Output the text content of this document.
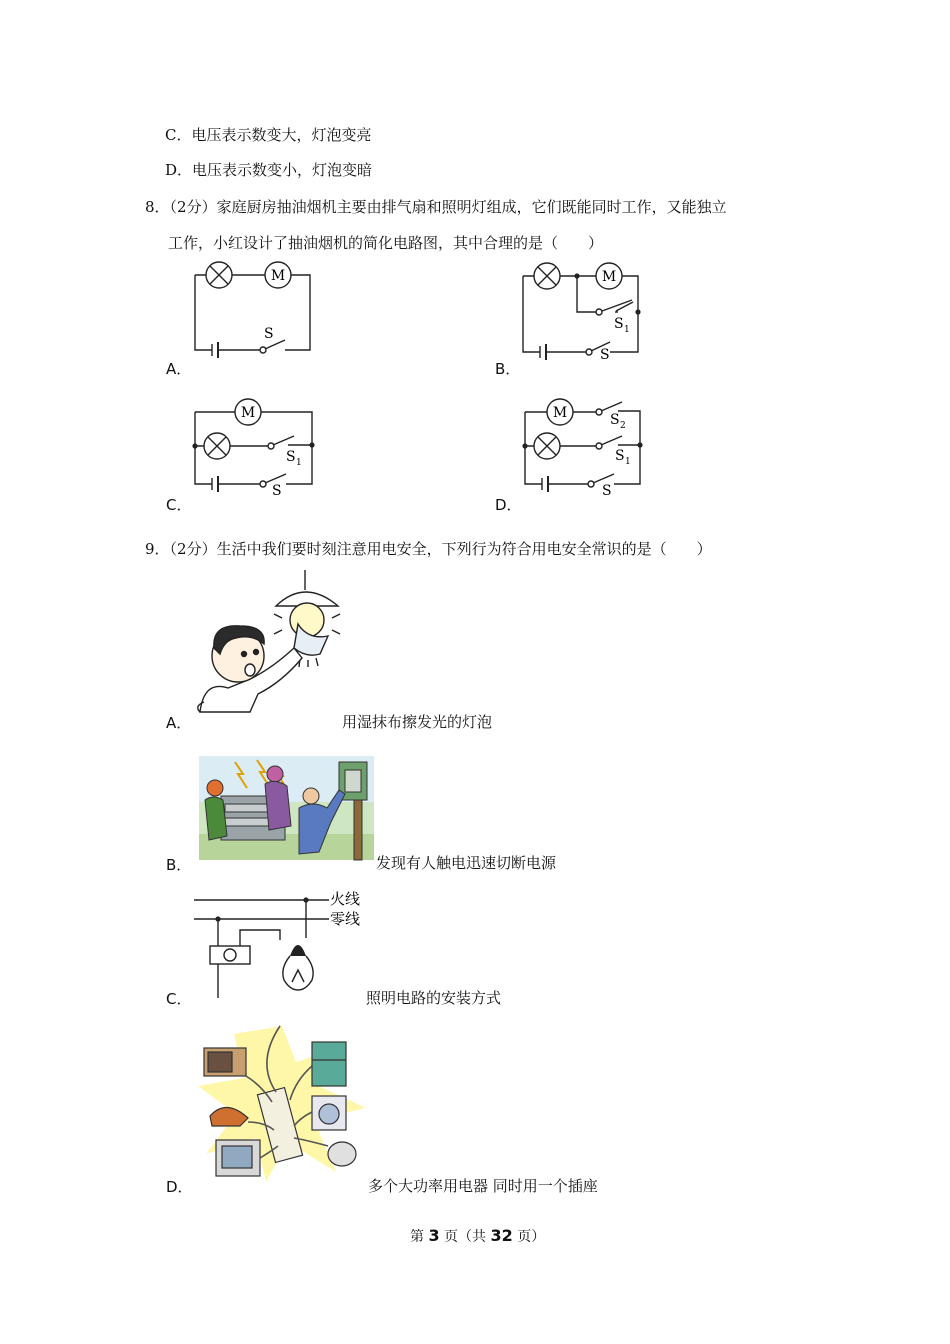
C．电压表示数变大，灯泡变亮
D．电压表示数变小，灯泡变暗
8．（2分）家庭厨房抽油烟机主要由排气扇和照明灯组成，它们既能同时工作，又能独立
工作，小红设计了抽油烟机的简化电路图，其中合理的是（　　）
M
S
A．
M
S 1
S
B．
M
S 1
S
C．
M	S 2
S 1
S
D．
9．（2分）生活中我们要时刻注意用电安全，下列行为符合用电安全常识的是（　　）
A．	用湿抹布擦发光的灯泡
B．	发现有人触电迅速切断电源
火线
零线
C．	照明电路的安装方式
D．	多个大功率用电器 同时用一个插座
第 3 页（共 32 页）
